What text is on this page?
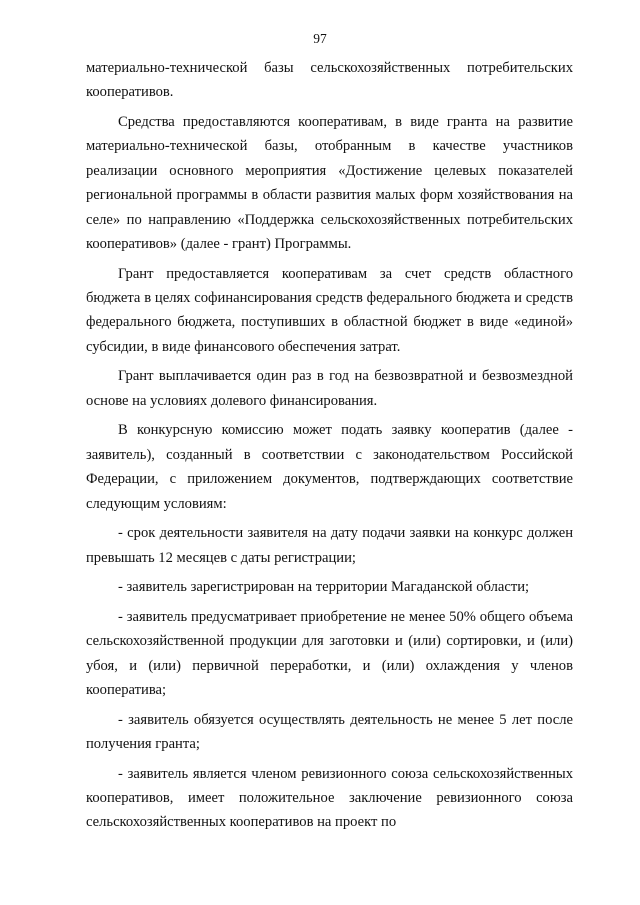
97

материально-технической базы сельскохозяйственных потребительских кооперативов.

Средства предоставляются кооперативам, в виде гранта на развитие материально-технической базы, отобранным в качестве участников реализации основного мероприятия «Достижение целевых показателей региональной программы в области развития малых форм хозяйствования на селе» по направлению «Поддержка сельскохозяйственных потребительских кооперативов» (далее - грант) Программы.

Грант предоставляется кооперативам за счет средств областного бюджета в целях софинансирования средств федерального бюджета и средств федерального бюджета, поступивших в областной бюджет в виде «единой» субсидии, в виде финансового обеспечения затрат.

Грант выплачивается один раз в год на безвозвратной и безвозмездной основе на условиях долевого финансирования.

В конкурсную комиссию может подать заявку кооператив (далее - заявитель), созданный в соответствии с законодательством Российской Федерации, с приложением документов, подтверждающих соответствие следующим условиям:

- срок деятельности заявителя на дату подачи заявки на конкурс должен превышать 12 месяцев с даты регистрации;

- заявитель зарегистрирован на территории Магаданской области;

- заявитель предусматривает приобретение не менее 50% общего объема сельскохозяйственной продукции для заготовки и (или) сортировки, и (или) убоя, и (или) первичной переработки, и (или) охлаждения у членов кооператива;

- заявитель обязуется осуществлять деятельность не менее 5 лет после получения гранта;

- заявитель является членом ревизионного союза сельскохозяйственных кооперативов, имеет положительное заключение ревизионного союза сельскохозяйственных кооперативов на проект по
